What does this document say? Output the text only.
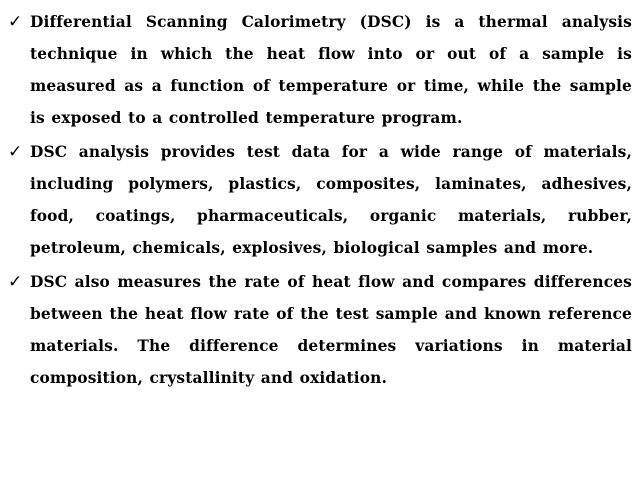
✓ Differential Scanning Calorimetry (DSC) is a thermal analysis technique in which the heat flow into or out of a sample is measured as a function of temperature or time, while the sample is exposed to a controlled temperature program.
✓ DSC analysis provides test data for a wide range of materials, including polymers, plastics, composites, laminates, adhesives, food, coatings, pharmaceuticals, organic materials, rubber, petroleum, chemicals, explosives, biological samples and more.
✓ DSC also measures the rate of heat flow and compares differences between the heat flow rate of the test sample and known reference materials. The difference determines variations in material composition, crystallinity and oxidation.
